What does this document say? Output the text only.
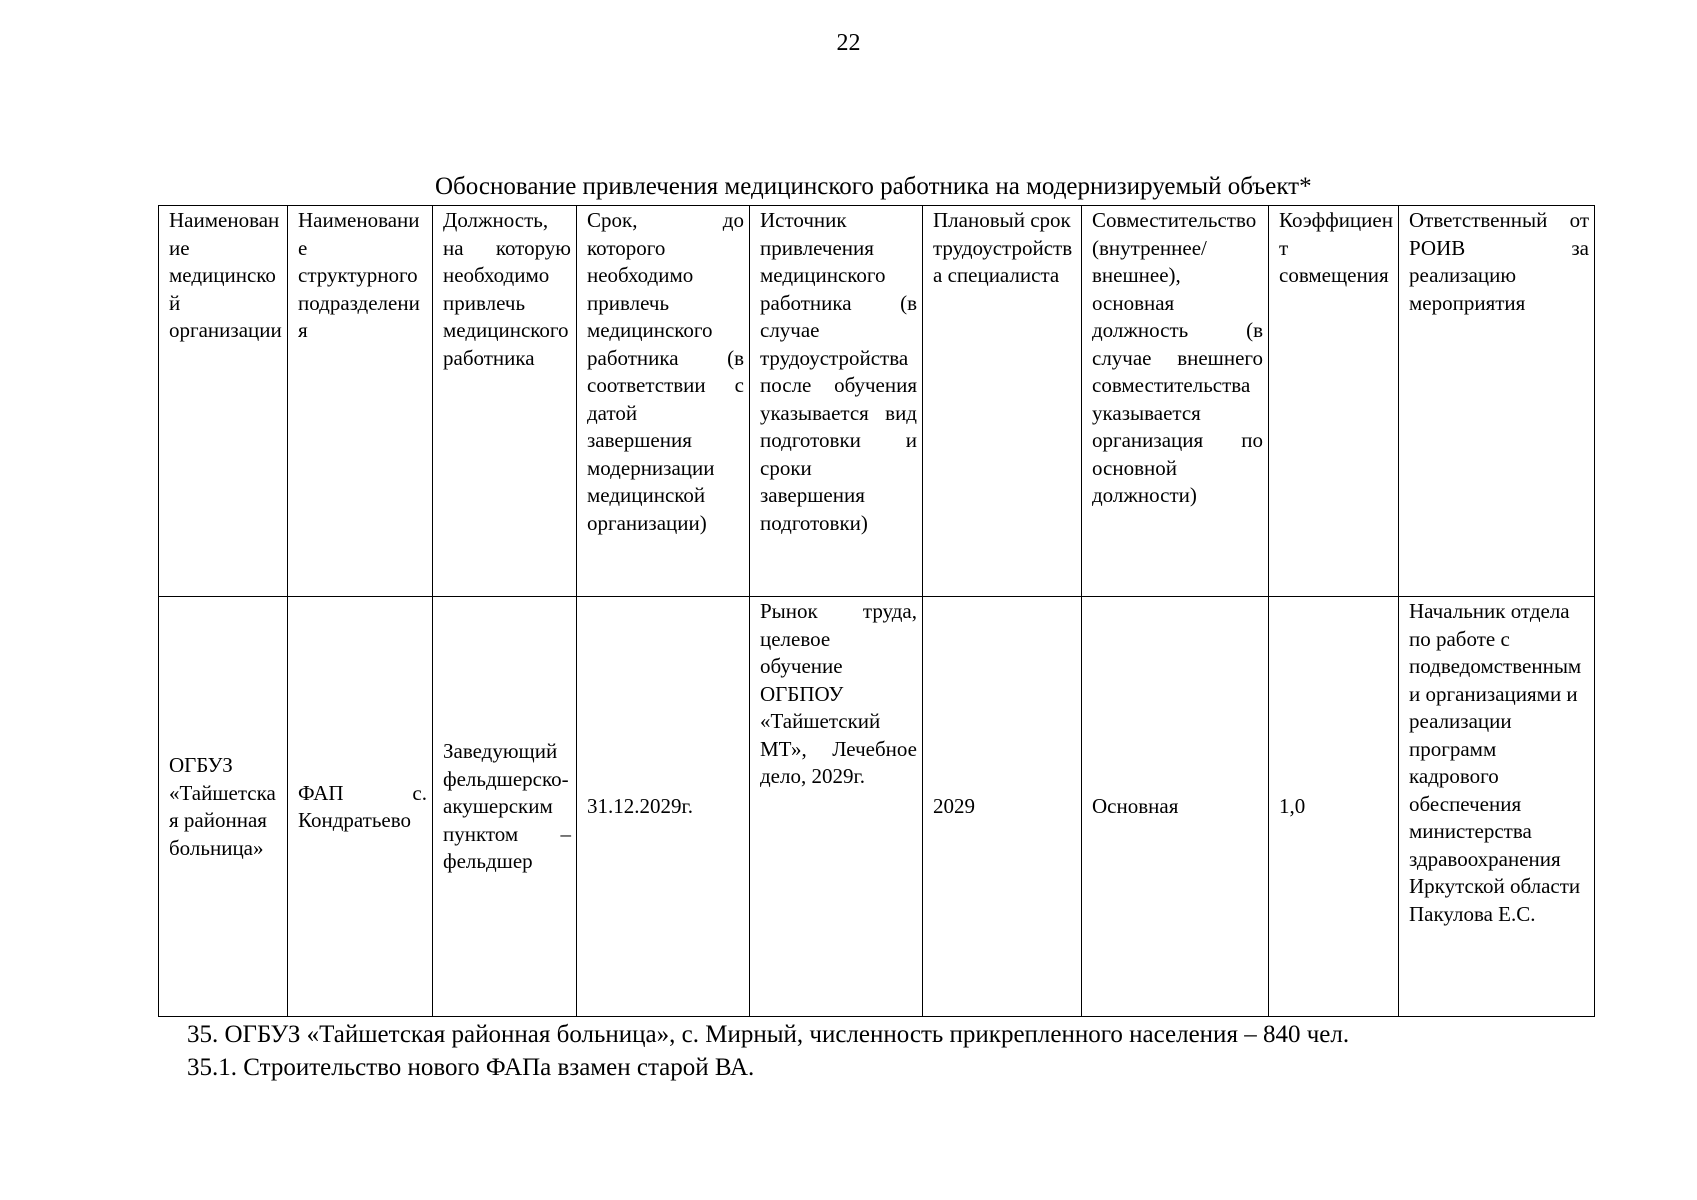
22
Обоснование привлечения медицинского работника на модернизируемый объект*
Наименование медицинской организации	Наименование структурного подразделения	Должность, на которую необходимо привлечь медицинского работника	Срок, до которого необходимо привлечь медицинского работника (в соответствии с датой завершения модернизации медицинской организации)	Источник привлечения медицинского работника (в случае трудоустройства после обучения указывается вид подготовки и сроки завершения подготовки)	Плановый срок трудоустройства специалиста	Совместительство (внутреннее/внешнее), основная должность (в случае внешнего совместительства указывается организация по основной должности)	Коэффициент совмещения	Ответственный от РОИВ за реализацию мероприятия
ОГБУЗ «Тайшетская районная больница»	ФАП с. Кондратьево	Заведующий фельдшерско-акушерским пунктом – фельдшер	31.12.2029г.	Рынок труда, целевое обучение ОГБПОУ «Тайшетский МТ», Лечебное дело, 2029г.	2029	Основная	1,0	Начальник отдела по работе с подведомственными организациями и реализации программ кадрового обеспечения министерства здравоохранения Иркутской области Пакулова Е.С.
35. ОГБУЗ «Тайшетская районная больница», с. Мирный, численность прикрепленного населения – 840 чел.
35.1. Строительство нового ФАПа взамен старой ВА.
